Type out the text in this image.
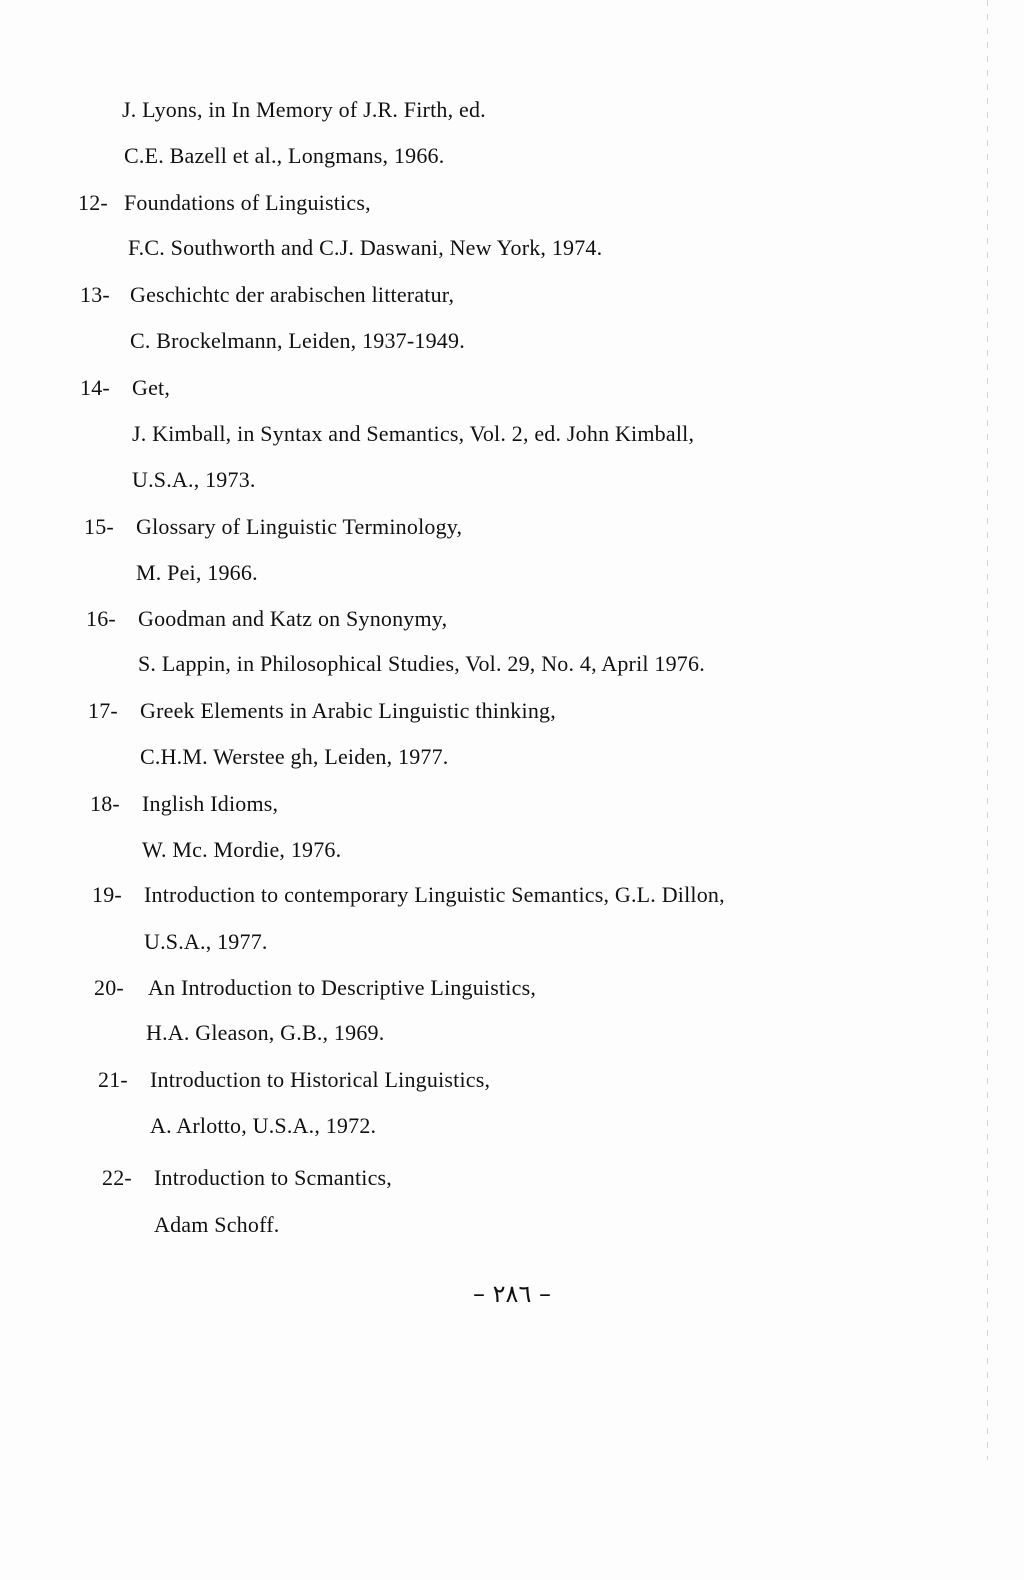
J. Lyons, in In Memory of J.R. Firth, ed.
C.E. Bazell et al., Longmans, 1966.
12- Foundations of Linguistics,
F.C. Southworth and C.J. Daswani, New York, 1974.
13- Geschichtc der arabischen litteratur,
C. Brockelmann, Leiden, 1937-1949.
14- Get,
J. Kimball, in Syntax and Semantics, Vol. 2, ed. John Kimball,
U.S.A., 1973.
15- Glossary of Linguistic Terminology,
M. Pei, 1966.
16- Goodman and Katz on Synonymy,
S. Lappin, in Philosophical Studies, Vol. 29, No. 4, April 1976.
17- Greek Elements in Arabic Linguistic thinking,
C.H.M. Werstee gh, Leiden, 1977.
18- Inglish Idioms,
W. Mc. Mordie, 1976.
19- Introduction to contemporary Linguistic Semantics, G.L. Dillon,
U.S.A., 1977.
20- An Introduction to Descriptive Linguistics,
H.A. Gleason, G.B., 1969.
21- Introduction to Historical Linguistics,
A. Arlotto, U.S.A., 1972.
22- Introduction to Scmantics,
Adam Schoff.
– ٢٨٦ –
